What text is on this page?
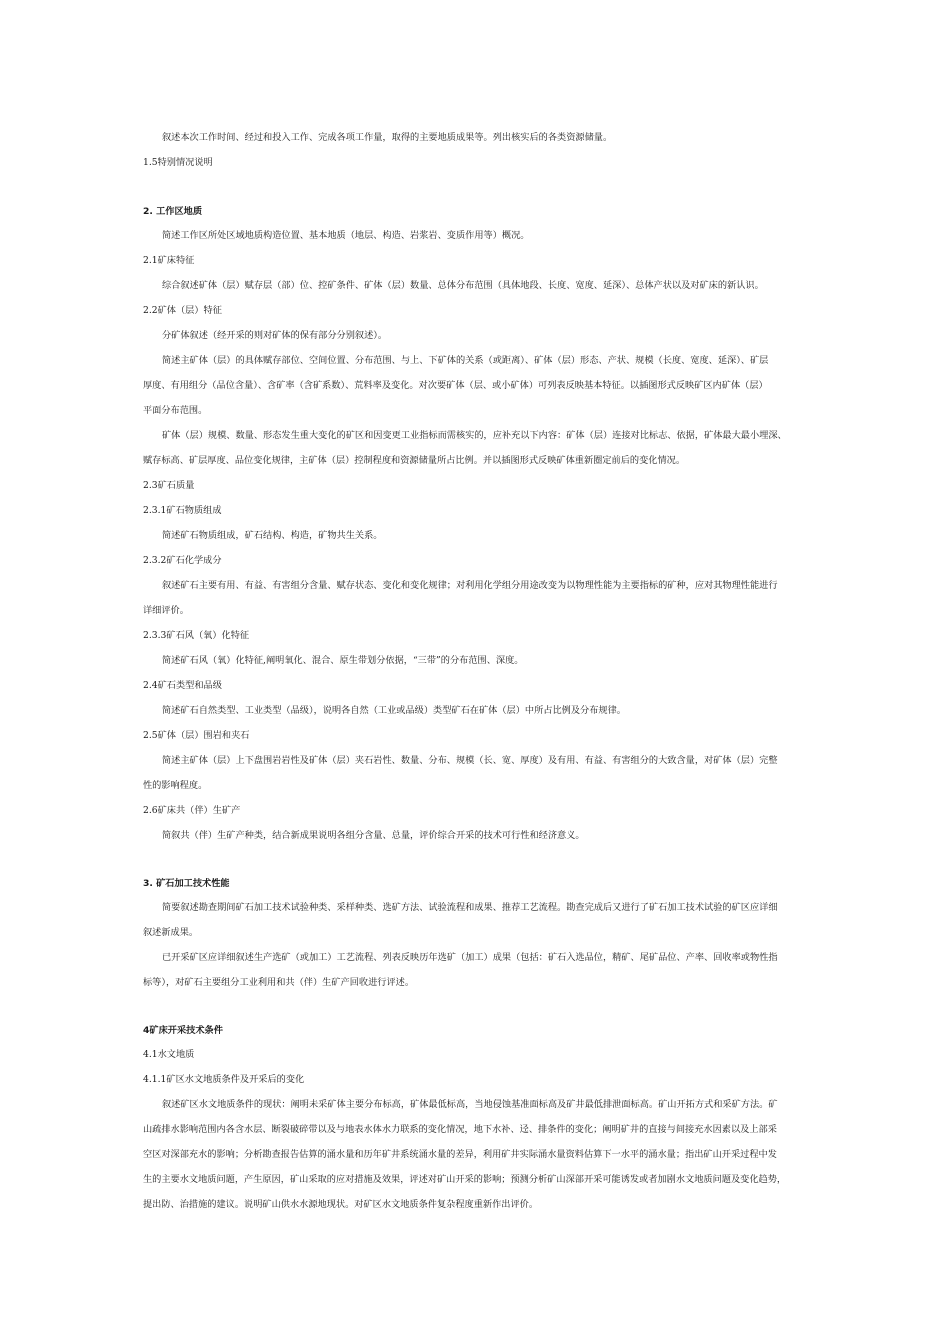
叙述本次工作时间、经过和投入工作、完成各项工作量，取得的主要地质成果等。列出核实后的各类资源储量。
1.5特别情况说明
2. 工作区地质
简述工作区所处区域地质构造位置、基本地质（地层、构造、岩浆岩、变质作用等）概况。
2.1矿床特征
综合叙述矿体（层）赋存层（部）位、控矿条件、矿体（层）数量、总体分布范围（具体地段、长度、宽度、延深）、总体产状以及对矿床的新认识。
2.2矿体（层）特征
分矿体叙述（经开采的则对矿体的保有部分分别叙述）。
简述主矿体（层）的具体赋存部位、空间位置、分布范围、与上、下矿体的关系（或距离）、矿体（层）形态、产状、规模（长度、宽度、延深）、矿层
厚度、有用组分（品位含量）、含矿率（含矿系数）、荒料率及变化。对次要矿体（层、或小矿体）可列表反映基本特征。以插图形式反映矿区内矿体（层）
平面分布范围。
矿体（层）规模、数量、形态发生重大变化的矿区和因变更工业指标而需核实的，应补充以下内容：矿体（层）连接对比标志、依据，矿体最大最小埋深、
赋存标高、矿层厚度、品位变化规律，主矿体（层）控制程度和资源储量所占比例。并以插图形式反映矿体重新圈定前后的变化情况。
2.3矿石质量
2.3.1矿石物质组成
简述矿石物质组成，矿石结构、构造，矿物共生关系。
2.3.2矿石化学成分
叙述矿石主要有用、有益、有害组分含量、赋存状态、变化和变化规律；对利用化学组分用途改变为以物理性能为主要指标的矿种，应对其物理性能进行
详细评价。
2.3.3矿石风（氧）化特征
简述矿石风（氧）化特征,阐明氧化、混合、原生带划分依据，“三带”的分布范围、深度。
2.4矿石类型和品级
简述矿石自然类型、工业类型（品级），说明各自然（工业或品级）类型矿石在矿体（层）中所占比例及分布规律。
2.5矿体（层）围岩和夹石
简述主矿体（层）上下盘围岩岩性及矿体（层）夹石岩性、数量、分布、规模（长、宽、厚度）及有用、有益、有害组分的大致含量，对矿体（层）完整
性的影响程度。
2.6矿床共（伴）生矿产
简叙共（伴）生矿产种类，结合新成果说明各组分含量、总量，评价综合开采的技术可行性和经济意义。
3. 矿石加工技术性能
简要叙述勘查期间矿石加工技术试验种类、采样种类、选矿方法、试验流程和成果、推荐工艺流程。勘查完成后又进行了矿石加工技术试验的矿区应详细
叙述新成果。
已开采矿区应详细叙述生产选矿（或加工）工艺流程、列表反映历年选矿（加工）成果（包括：矿石入选品位，精矿、尾矿品位、产率、回收率或物性指
标等），对矿石主要组分工业利用和共（伴）生矿产回收进行评述。
4矿床开采技术条件
4.1水文地质
4.1.1矿区水文地质条件及开采后的变化
叙述矿区水文地质条件的现状：阐明未采矿体主要分布标高，矿体最低标高，当地侵蚀基准面标高及矿井最低排泄面标高。矿山开拓方式和采矿方法。矿
山疏排水影响范围内各含水层、断裂破碎带以及与地表水体水力联系的变化情况，地下水补、迳、排条件的变化；阐明矿井的直接与间接充水因素以及上部采
空区对深部充水的影响；分析勘查报告估算的涌水量和历年矿井系统涌水量的差异，利用矿井实际涌水量资料估算下一水平的涌水量；指出矿山开采过程中发
生的主要水文地质问题，产生原因，矿山采取的应对措施及效果，评述对矿山开采的影响；预测分析矿山深部开采可能诱发或者加剧水文地质问题及变化趋势，
提出防、治措施的建议。说明矿山供水水源地现状。对矿区水文地质条件复杂程度重新作出评价。
